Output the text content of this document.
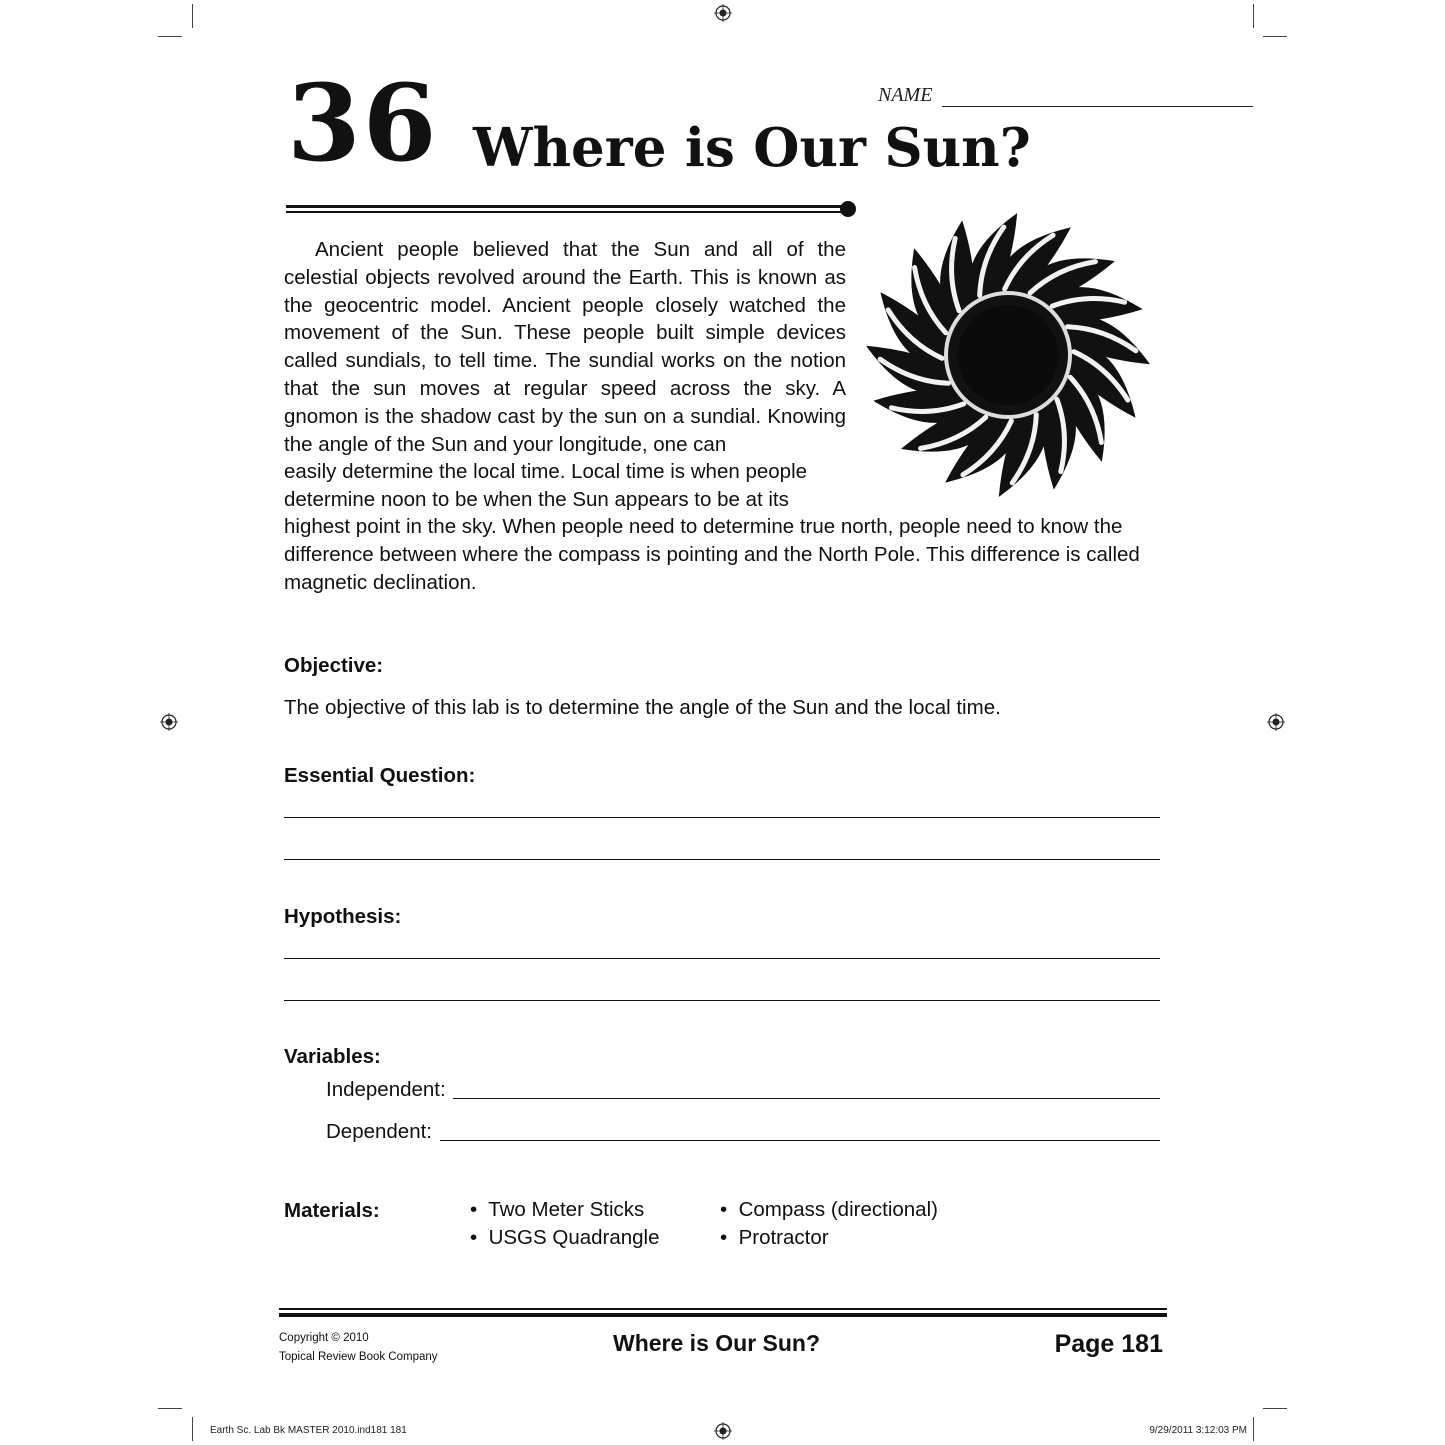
NAME
36 Where is Our Sun?
Ancient people believed that the Sun and all of the celestial objects revolved around the Earth. This is known as the geocentric model. Ancient people closely watched the movement of the Sun. These people built simple devices called sundials, to tell time. The sundial works on the notion that the sun moves at regular speed across the sky. A gnomon is the shadow cast by the sun on a sundial. Knowing the angle of the Sun and your longitude, one can
easily determine the local time. Local time is when people
determine noon to be when the Sun appears to be at its
highest point in the sky. When people need to determine true north, people need to know the difference between where the compass is pointing and the North Pole. This difference is called magnetic declination.
Objective:
The objective of this lab is to determine the angle of the Sun and the local time.
Essential Question:
Hypothesis:
Variables:
Independent:
Dependent:
Materials:	•  Two Meter Sticks
•  USGS Quadrangle
•  Compass (directional)
•  Protractor
Copyright © 2010
Topical Review Book Company
Where is Our Sun?	Page 181
Earth Sc. Lab Bk MASTER 2010.ind181 181	9/29/2011 3:12:03 PM
